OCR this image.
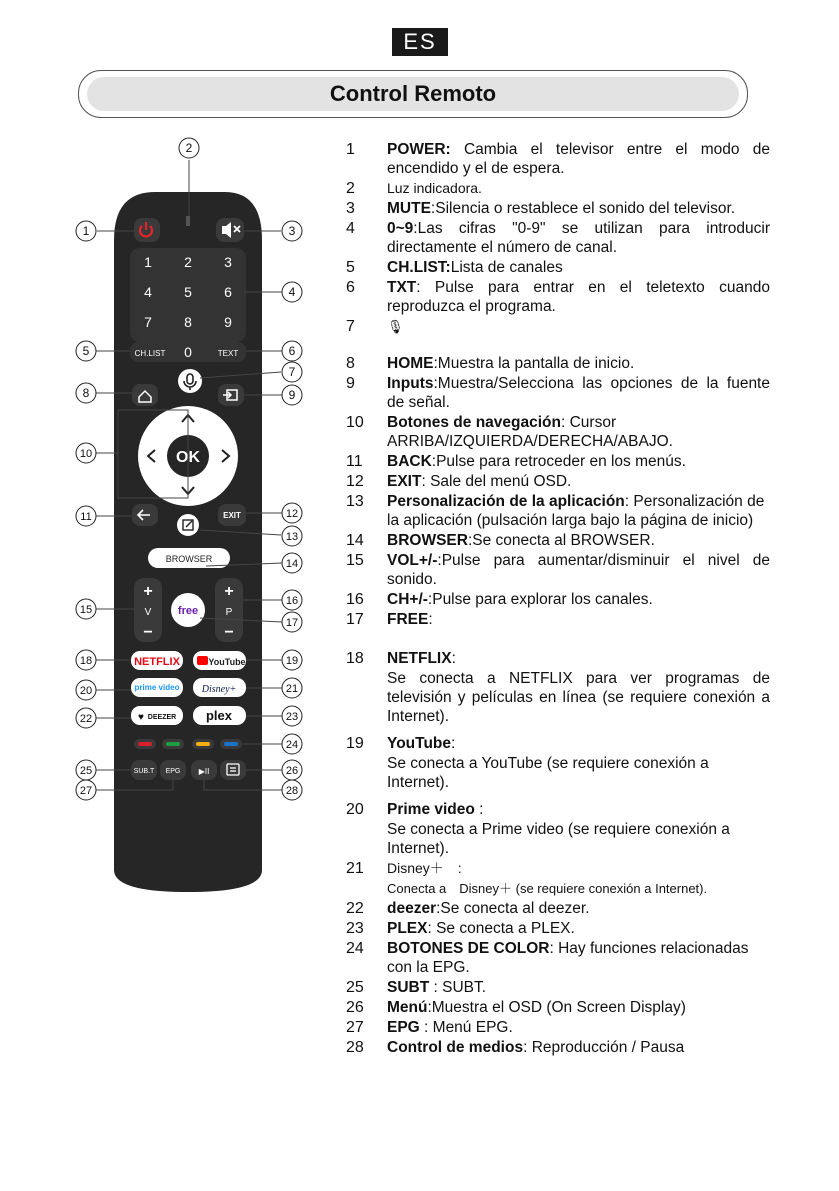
ES
Control Remoto
1 2 3
4 5 6
7 8 9
CH.LIST 0	TEXT
OK
EXIT
BROWSER
+
V
−
+
P
−
free
NETFLIX	YouTube
prime video Disney+
♥ DEEZER plex
SUB.T EPG ▶II
2
1	3
4
5	6
7
8	9
10
11	12
13
14
15
16
17
18	19
20	21
22	23
24
25	26
27	28
1 POWER: Cambia el televisor entre el modo de encendido y el de espera.
2 Luz indicadora.
3 MUTE:Silencia o restablece el sonido del televisor.
4 0~9:Las cifras "0-9" se utilizan para introducir directamente el número de canal.
5 CH.LIST:Lista de canales
6 TXT: Pulse para entrar en el teletexto cuando reproduzca el programa.
7 🎙
8 HOME:Muestra la pantalla de inicio.
9 Inputs:Muestra/Selecciona las opciones de la fuente de señal.
10 Botones de navegación: Cursor ARRIBA/IZQUIERDA/DERECHA/ABAJO.
11 BACK:Pulse para retroceder en los menús.
12 EXIT: Sale del menú OSD.
13 Personalización de la aplicación: Personalización de la aplicación (pulsación larga bajo la página de inicio)
14 BROWSER:Se conecta al BROWSER.
15 VOL+/-:Pulse para aumentar/disminuir el nivel de sonido.
16 CH+/-:Pulse para explorar los canales.
17 FREE:
18 NETFLIX:
Se conecta a NETFLIX para ver programas de televisión y películas en línea (se requiere conexión a Internet).
19 YouTube:
Se conecta a YouTube (se requiere conexión a Internet).
20 Prime video :
Se conecta a Prime video (se requiere conexión a Internet).
21 Disney＋　:
Conecta a　Disney＋ (se requiere conexión a Internet).
22 deezer:Se conecta al deezer.
23 PLEX: Se conecta a PLEX.
24 BOTONES DE COLOR: Hay funciones relacionadas con la EPG.
25 SUBT : SUBT.
26 Menú:Muestra el OSD (On Screen Display)
27 EPG : Menú EPG.
28 Control de medios: Reproducción / Pausa
